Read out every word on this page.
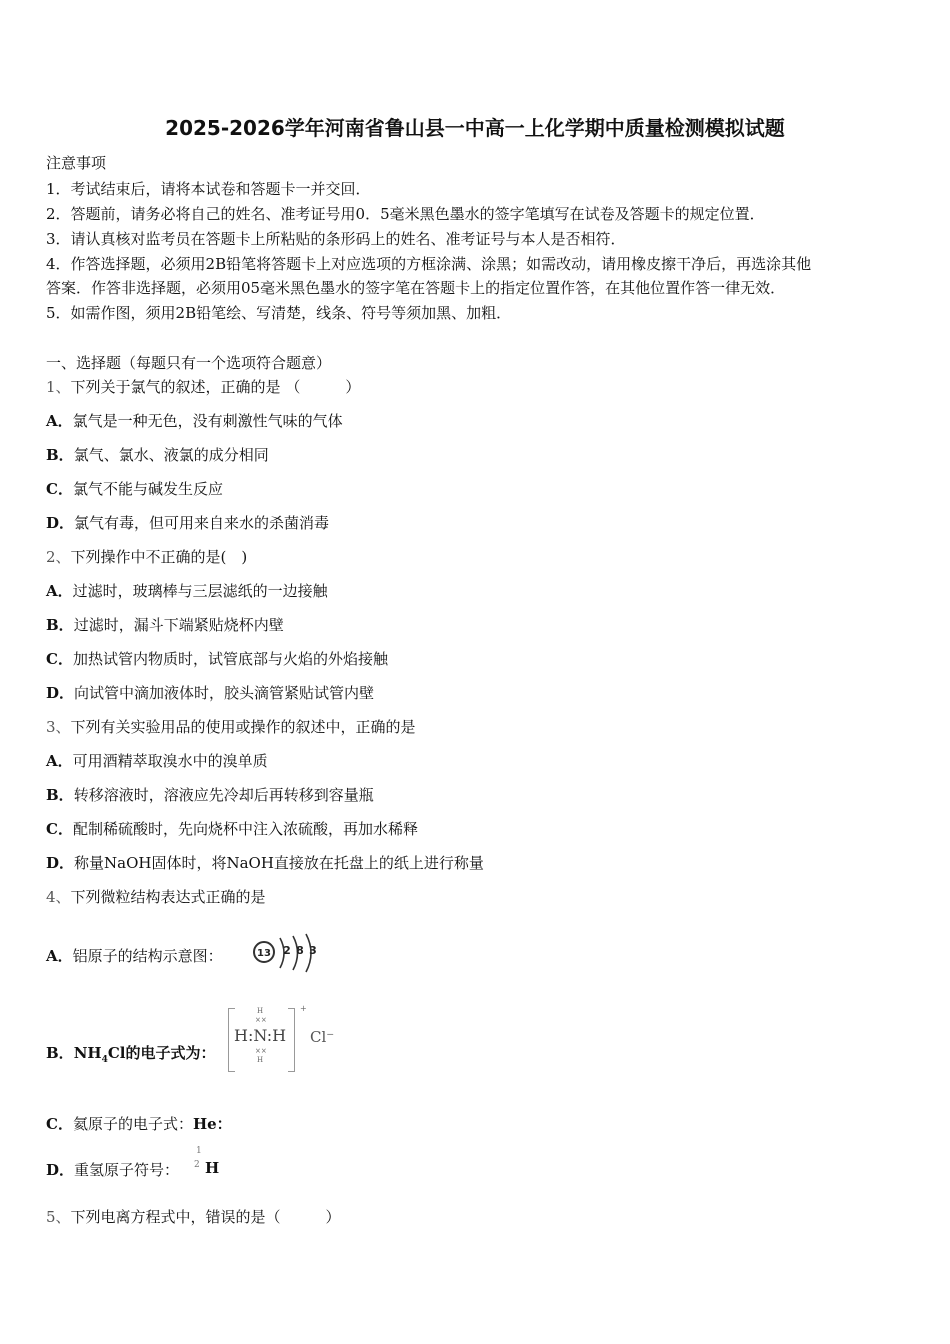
2025-2026学年河南省鲁山县一中高一上化学期中质量检测模拟试题
注意事项
1．考试结束后，请将本试卷和答题卡一并交回．
2．答题前，请务必将自己的姓名、准考证号用0．5毫米黑色墨水的签字笔填写在试卷及答题卡的规定位置．
3．请认真核对监考员在答题卡上所粘贴的条形码上的姓名、准考证号与本人是否相符．
4．作答选择题，必须用2B铅笔将答题卡上对应选项的方框涂满、涂黑；如需改动，请用橡皮擦干净后，再选涂其他
答案．作答非选择题，必须用05毫米黑色墨水的签字笔在答题卡上的指定位置作答，在其他位置作答一律无效．
5．如需作图，须用2B铅笔绘、写清楚，线条、符号等须加黑、加粗．
一、选择题（每题只有一个选项符合题意）
1、下列关于氯气的叙述，正确的是 （　　　）
A．氯气是一种无色，没有刺激性气味的气体
B．氯气、氯水、液氯的成分相同
C．氯气不能与碱发生反应
D．氯气有毒，但可用来自来水的杀菌消毒
2、下列操作中不正确的是(　)
A．过滤时，玻璃棒与三层滤纸的一边接触
B．过滤时，漏斗下端紧贴烧杯内壁
C．加热试管内物质时，试管底部与火焰的外焰接触
D．向试管中滴加液体时，胶头滴管紧贴试管内壁
3、下列有关实验用品的使用或操作的叙述中，正确的是
A．可用酒精萃取溴水中的溴单质
B．转移溶液时，溶液应先冷却后再转移到容量瓶
C．配制稀硫酸时，先向烧杯中注入浓硫酸，再加水稀释
D．称量NaOH固体时，将NaOH直接放在托盘上的纸上进行称量
4、下列微粒结构表达式正确的是
A．铝原子的结构示意图：	13 2 8 3
B．$NH_4Cl$的电子式为：
H
××
H:N:H
××
H
+
Cl⁻
C．氦原子的电子式：He：
D．重氢原子符号：
1
2 H
5、下列电离方程式中，错误的是（　　　）
